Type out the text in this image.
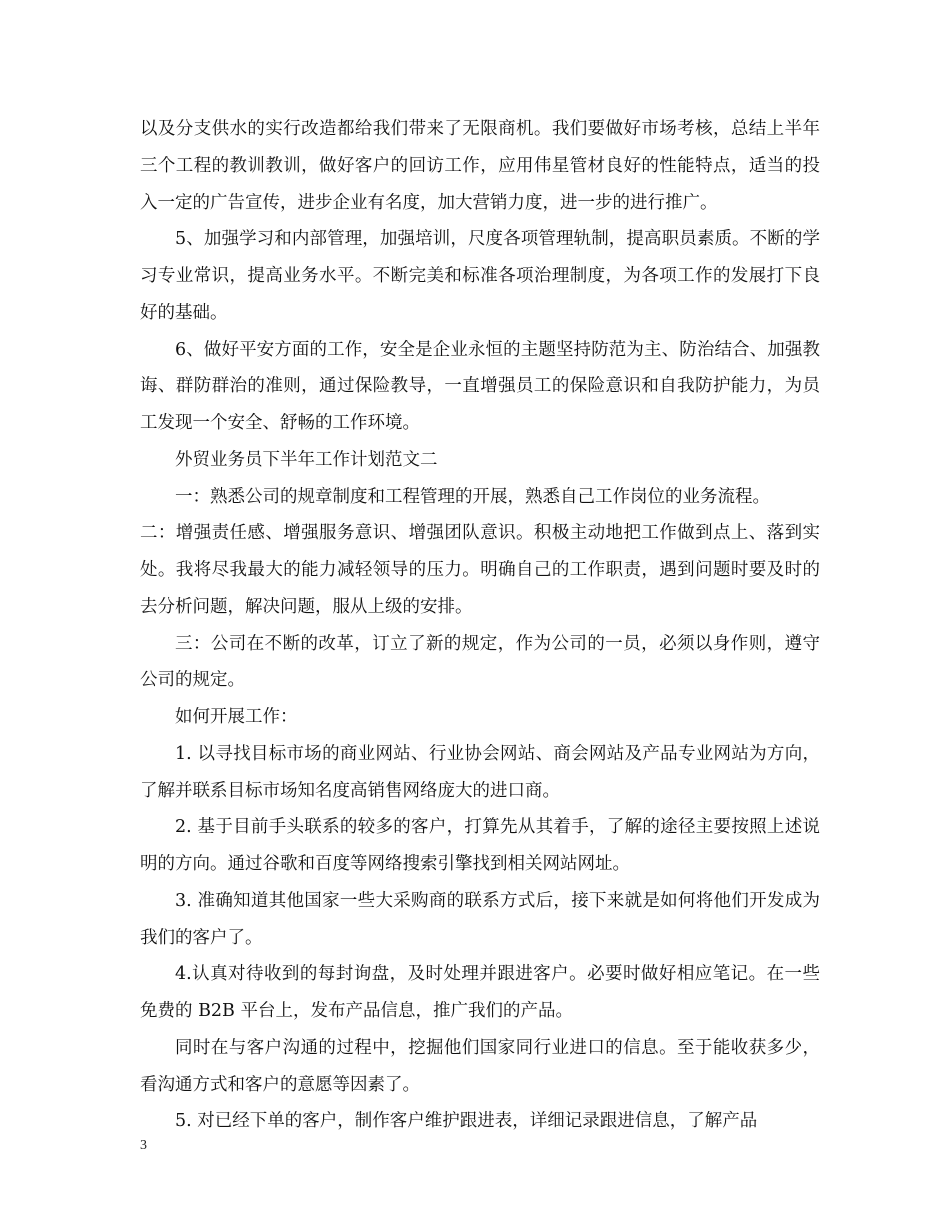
以及分支供水的实行改造都给我们带来了无限商机。我们要做好市场考核，总结上半年三个工程的教训教训，做好客户的回访工作，应用伟星管材良好的性能特点，适当的投入一定的广告宣传，进步企业有名度，加大营销力度，进一步的进行推广。

5、加强学习和内部管理，加强培训，尺度各项管理轨制，提高职员素质。不断的学习专业常识，提高业务水平。不断完美和标准各项治理制度，为各项工作的发展打下良好的基础。

6、做好平安方面的工作，安全是企业永恒的主题坚持防范为主、防治结合、加强教诲、群防群治的准则，通过保险教导，一直增强员工的保险意识和自我防护能力，为员工发现一个安全、舒畅的工作环境。

外贸业务员下半年工作计划范文二

一：熟悉公司的规章制度和工程管理的开展，熟悉自己工作岗位的业务流程。

二：增强责任感、增强服务意识、增强团队意识。积极主动地把工作做到点上、落到实处。我将尽我最大的能力减轻领导的压力。明确自己的工作职责，遇到问题时要及时的去分析问题，解决问题，服从上级的安排。

三：公司在不断的改革，订立了新的规定，作为公司的一员，必须以身作则，遵守公司的规定。

如何开展工作：

1. 以寻找目标市场的商业网站、行业协会网站、商会网站及产品专业网站为方向，了解并联系目标市场知名度高销售网络庞大的进口商。

2. 基于目前手头联系的较多的客户，打算先从其着手，了解的途径主要按照上述说明的方向。通过谷歌和百度等网络搜索引擎找到相关网站网址。

3. 准确知道其他国家一些大采购商的联系方式后，接下来就是如何将他们开发成为我们的客户了。

4.认真对待收到的每封询盘，及时处理并跟进客户。必要时做好相应笔记。在一些免费的 B2B 平台上，发布产品信息，推广我们的产品。

同时在与客户沟通的过程中，挖掘他们国家同行业进口的信息。至于能收获多少，看沟通方式和客户的意愿等因素了。

5. 对已经下单的客户，制作客户维护跟进表，详细记录跟进信息，了解产品

3
